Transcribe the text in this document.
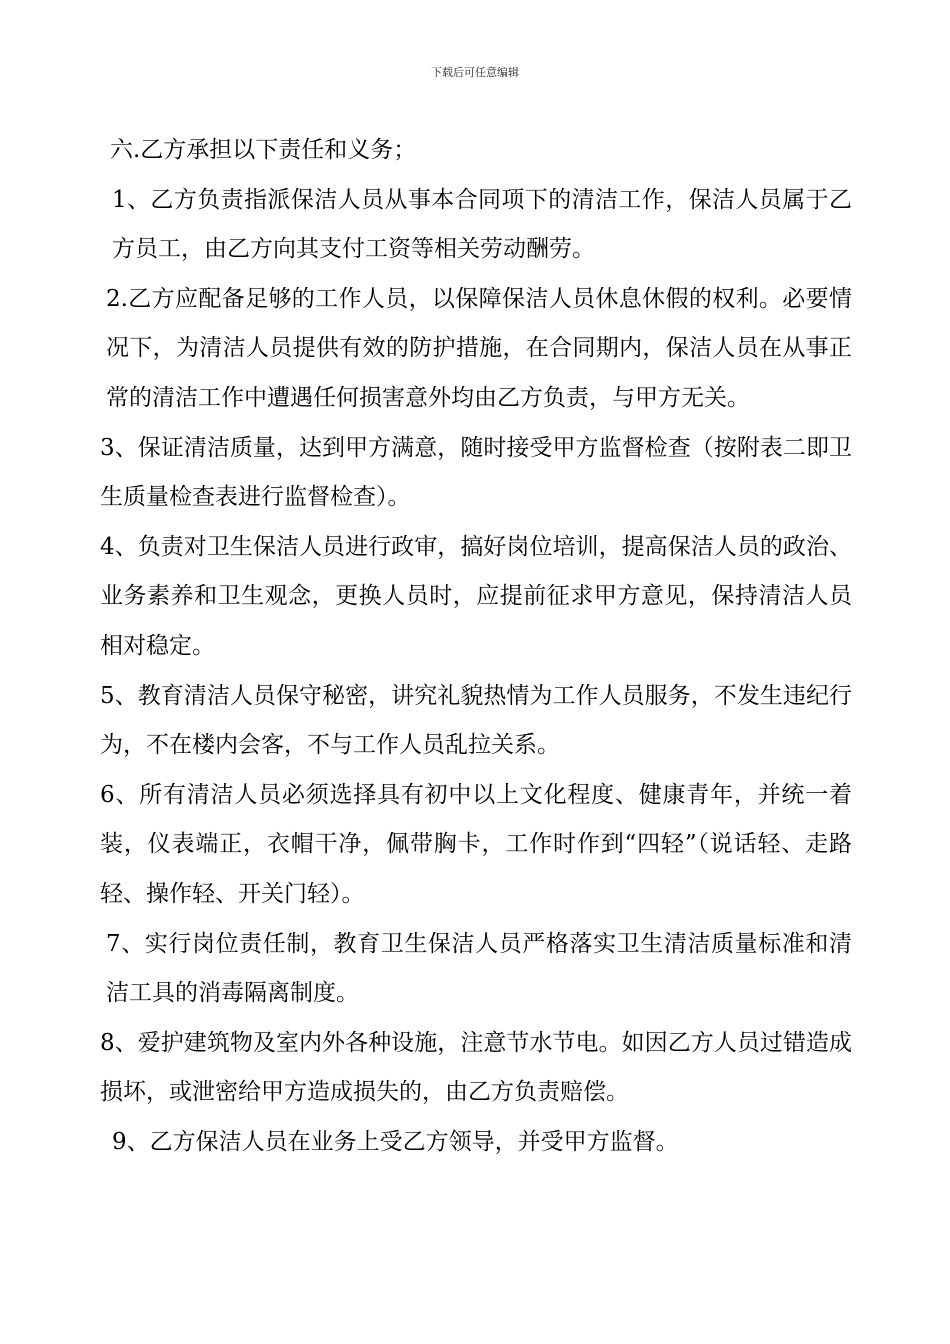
下载后可任意编辑

六.乙方承担以下责任和义务；

1、乙方负责指派保洁人员从事本合同项下的清洁工作，保洁人员属于乙方员工，由乙方向其支付工资等相关劳动酬劳。

2.乙方应配备足够的工作人员，以保障保洁人员休息休假的权利。必要情况下，为清洁人员提供有效的防护措施，在合同期内，保洁人员在从事正常的清洁工作中遭遇任何损害意外均由乙方负责，与甲方无关。

3、保证清洁质量，达到甲方满意，随时接受甲方监督检查（按附表二即卫生质量检查表进行监督检查）。

4、负责对卫生保洁人员进行政审，搞好岗位培训，提高保洁人员的政治、业务素养和卫生观念，更换人员时，应提前征求甲方意见，保持清洁人员相对稳定。

5、教育清洁人员保守秘密，讲究礼貌热情为工作人员服务，不发生违纪行为，不在楼内会客，不与工作人员乱拉关系。

6、所有清洁人员必须选择具有初中以上文化程度、健康青年，并统一着装，仪表端正，衣帽干净，佩带胸卡，工作时作到“四轻”（说话轻、走路轻、操作轻、开关门轻）。

7、实行岗位责任制，教育卫生保洁人员严格落实卫生清洁质量标准和清洁工具的消毒隔离制度。

8、爱护建筑物及室内外各种设施，注意节水节电。如因乙方人员过错造成损坏，或泄密给甲方造成损失的，由乙方负责赔偿。

9、乙方保洁人员在业务上受乙方领导，并受甲方监督。
